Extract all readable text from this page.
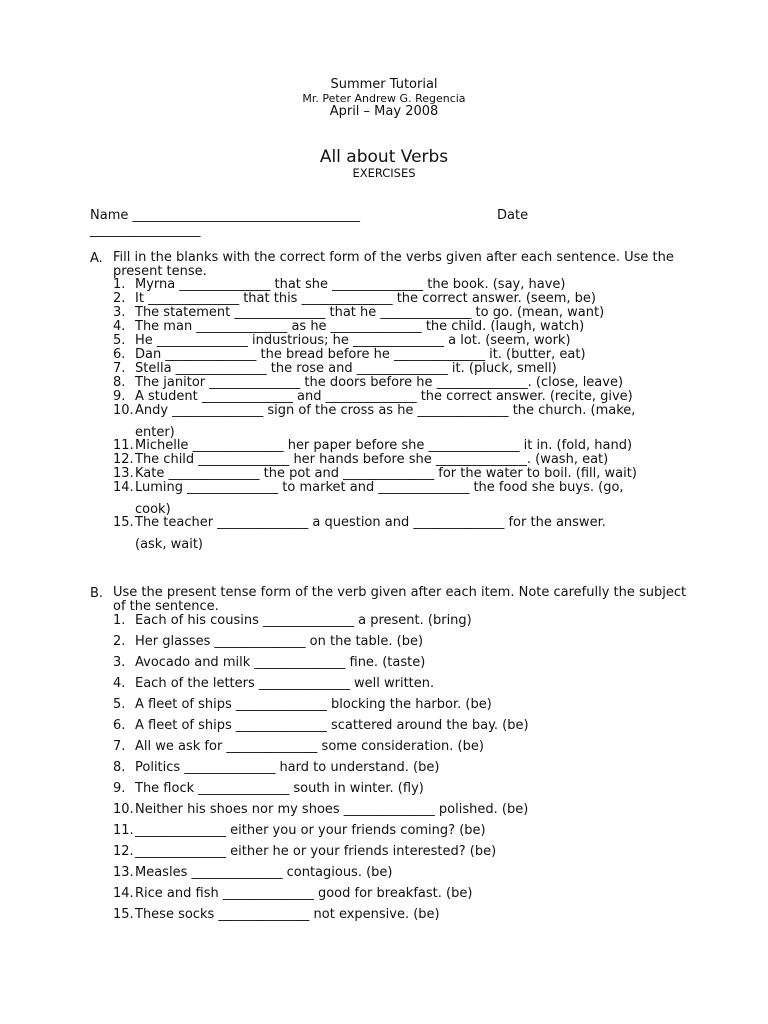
Summer Tutorial
Mr. Peter Andrew G. Regencia
April – May 2008
All about Verbs
EXERCISES
Name ___________________________________	Date
_________________
A. Fill in the blanks with the correct form of the verbs given after each sentence. Use the present tense.
1. Myrna ______________ that she ______________ the book. (say, have)
2. It ______________ that this ______________ the correct answer. (seem, be)
3. The statement ______________ that he ______________ to go. (mean, want)
4. The man ______________ as he ______________ the child. (laugh, watch)
5. He ______________ industrious; he ______________ a lot. (seem, work)
6. Dan ______________ the bread before he ______________ it. (butter, eat)
7. Stella ______________ the rose and ______________ it. (pluck, smell)
8. The janitor ______________ the doors before he ______________. (close, leave)
9. A student ______________ and ______________ the correct answer. (recite, give)
10.Andy ______________ sign of the cross as he ______________ the church. (make,
enter)
11.Michelle ______________ her paper before she ______________ it in. (fold, hand)
12.The child ______________ her hands before she ______________. (wash, eat)
13.Kate ______________ the pot and ______________ for the water to boil. (fill, wait)
14.Luming ______________ to market and ______________ the food she buys. (go,
cook)
15.The teacher ______________ a question and ______________ for the answer.
(ask, wait)
B. Use the present tense form of the verb given after each item. Note carefully the subject of the sentence.
1. Each of his cousins ______________ a present. (bring)
2. Her glasses ______________ on the table. (be)
3. Avocado and milk ______________ fine. (taste)
4. Each of the letters ______________ well written.
5. A fleet of ships ______________ blocking the harbor. (be)
6. A fleet of ships ______________ scattered around the bay. (be)
7. All we ask for ______________ some consideration. (be)
8. Politics ______________ hard to understand. (be)
9. The flock ______________ south in winter. (fly)
10.Neither his shoes nor my shoes ______________ polished. (be)
11.______________ either you or your friends coming? (be)
12.______________ either he or your friends interested? (be)
13.Measles ______________ contagious. (be)
14.Rice and fish ______________ good for breakfast. (be)
15.These socks ______________ not expensive. (be)
